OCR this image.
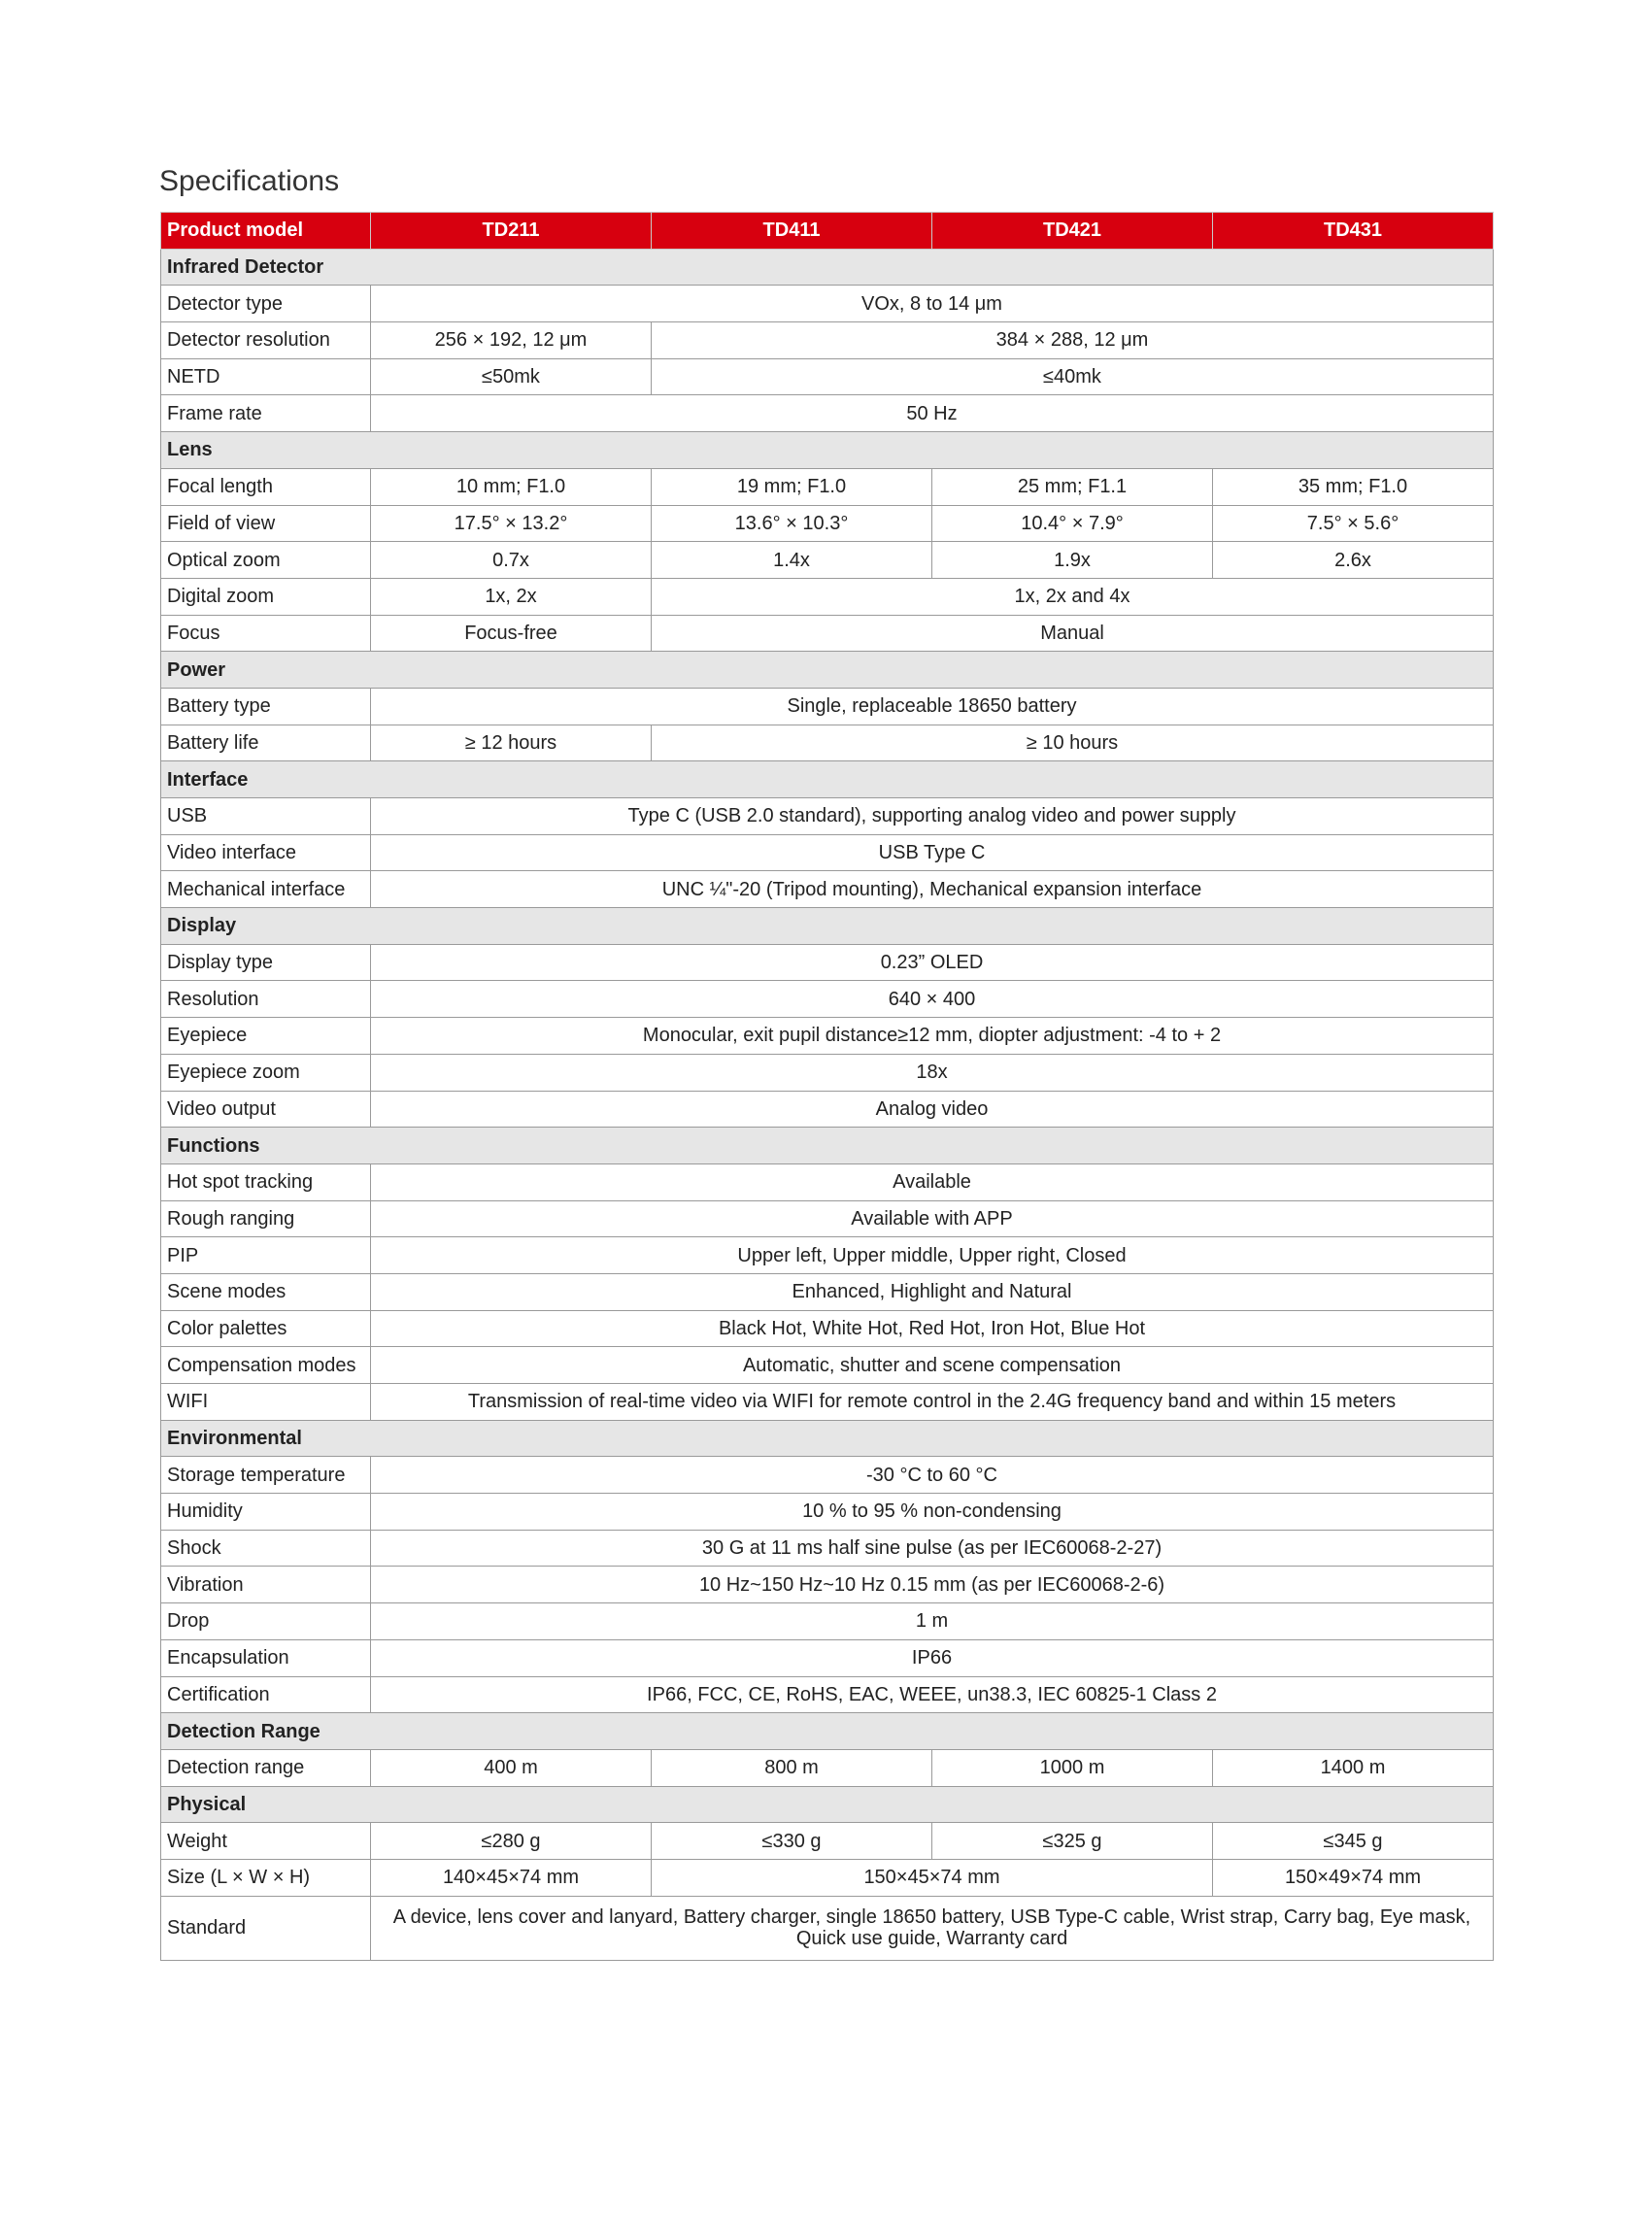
Specifications
Product model	TD211	TD411	TD421	TD431
Infrared Detector				
Detector type	VOx, 8 to 14 μm			
Detector resolution	256 × 192, 12 μm	384 × 288, 12 μm		
NETD	≤50mk	≤40mk		
Frame rate	50 Hz			
Lens				
Focal length	10 mm; F1.0	19 mm; F1.0	25 mm; F1.1	35 mm; F1.0
Field of view	17.5° × 13.2°	13.6° × 10.3°	10.4° × 7.9°	7.5° × 5.6°
Optical zoom	0.7x	1.4x	1.9x	2.6x
Digital zoom	1x, 2x	1x, 2x and 4x		
Focus	Focus-free	Manual		
Power				
Battery type	Single, replaceable 18650 battery			
Battery life	≥ 12 hours	≥ 10 hours		
Interface				
USB	Type C (USB 2.0 standard), supporting analog video and power supply			
Video interface	USB Type C			
Mechanical interface	UNC ¼"-20 (Tripod mounting), Mechanical expansion interface			
Display				
Display type	0.23” OLED			
Resolution	640 × 400			
Eyepiece	Monocular, exit pupil distance≥12 mm, diopter adjustment: -4 to + 2			
Eyepiece zoom	18x			
Video output	Analog video			
Functions				
Hot spot tracking	Available			
Rough ranging	Available with APP			
PIP	Upper left, Upper middle, Upper right, Closed			
Scene modes	Enhanced, Highlight and Natural			
Color palettes	Black Hot, White Hot, Red Hot, Iron Hot, Blue Hot			
Compensation modes	Automatic, shutter and scene compensation			
WIFI	Transmission of real-time video via WIFI for remote control in the 2.4G frequency band and within 15 meters			
Environmental				
Storage temperature	-30 °C to 60 °C			
Humidity	10 % to 95 % non-condensing			
Shock	30 G at 11 ms half sine pulse (as per IEC60068-2-27)			
Vibration	10 Hz~150 Hz~10 Hz 0.15 mm (as per IEC60068-2-6)			
Drop	1 m			
Encapsulation	IP66			
Certification	IP66, FCC, CE, RoHS, EAC, WEEE, un38.3, IEC 60825-1 Class 2			
Detection Range				
Detection range	400 m	800 m	1000 m	1400 m
Physical				
Weight	≤280 g	≤330 g	≤325 g	≤345 g
Size (L × W × H)	140×45×74 mm	150×45×74 mm		150×49×74 mm
Standard	A device, lens cover and lanyard, Battery charger, single 18650 battery, USB Type-C cable, Wrist strap, Carry bag, Eye mask, Quick use guide, Warranty card			
